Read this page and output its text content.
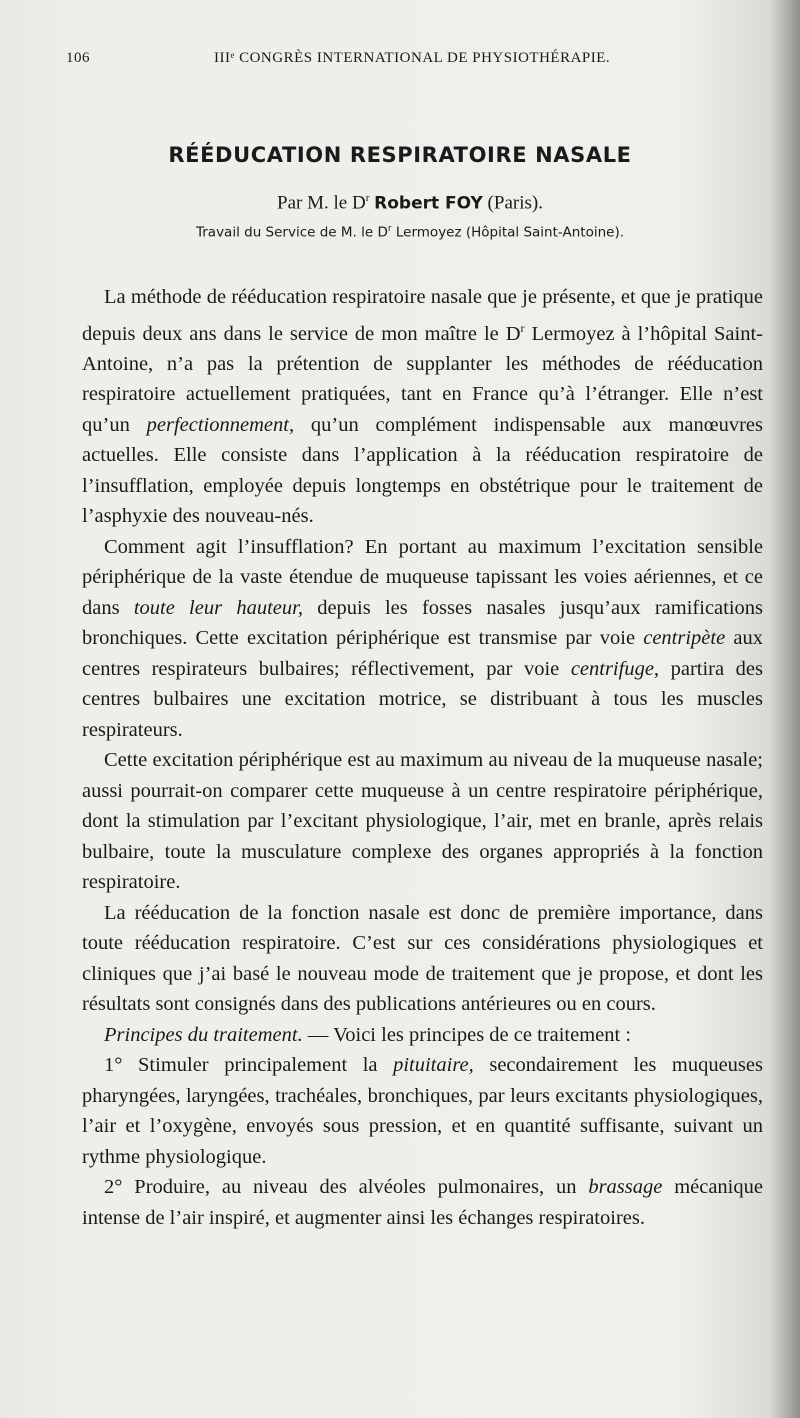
106	IIIᵉ CONGRÈS INTERNATIONAL DE PHYSIOTHÉRAPIE.
RÉÉDUCATION RESPIRATOIRE NASALE
Par M. le $D^r$ Robert FOY (Paris).
Travail du Service de M. le $D^r$ Lermoyez (Hôpital Saint-Antoine).

La méthode de rééducation respiratoire nasale que je présente, et que je pratique depuis deux ans dans le service de mon maître le $D^r$ Lermoyez à l’hôpital Saint-Antoine, n’a pas la prétention de supplanter les méthodes de rééducation respiratoire actuellement pratiquées, tant en France qu’à l’étranger. Elle n’est qu’un perfectionnement, qu’un complément indispensable aux manœuvres actuelles. Elle consiste dans l’application à la rééducation respiratoire de l’insufflation, employée depuis longtemps en obstétrique pour le traitement de l’asphyxie des nouveau-nés.

Comment agit l’insufflation? En portant au maximum l’excitation sensible périphérique de la vaste étendue de muqueuse tapissant les voies aériennes, et ce dans toute leur hauteur, depuis les fosses nasales jusqu’aux ramifications bronchiques. Cette excitation périphérique est transmise par voie centripète aux centres respirateurs bulbaires; réflectivement, par voie centrifuge, partira des centres bulbaires une excitation motrice, se distribuant à tous les muscles respirateurs.

Cette excitation périphérique est au maximum au niveau de la muqueuse nasale; aussi pourrait-on comparer cette muqueuse à un centre respiratoire périphérique, dont la stimulation par l’excitant physiologique, l’air, met en branle, après relais bulbaire, toute la musculature complexe des organes appropriés à la fonction respiratoire.

La rééducation de la fonction nasale est donc de première importance, dans toute rééducation respiratoire. C’est sur ces considérations physiologiques et cliniques que j’ai basé le nouveau mode de traitement que je propose, et dont les résultats sont consignés dans des publications antérieures ou en cours.

Principes du traitement. — Voici les principes de ce traitement :

1° Stimuler principalement la pituitaire, secondairement les muqueuses pharyngées, laryngées, trachéales, bronchiques, par leurs excitants physiologiques, l’air et l’oxygène, envoyés sous pression, et en quantité suffisante, suivant un rythme physiologique.

2° Produire, au niveau des alvéoles pulmonaires, un brassage mécanique intense de l’air inspiré, et augmenter ainsi les échanges respiratoires.
